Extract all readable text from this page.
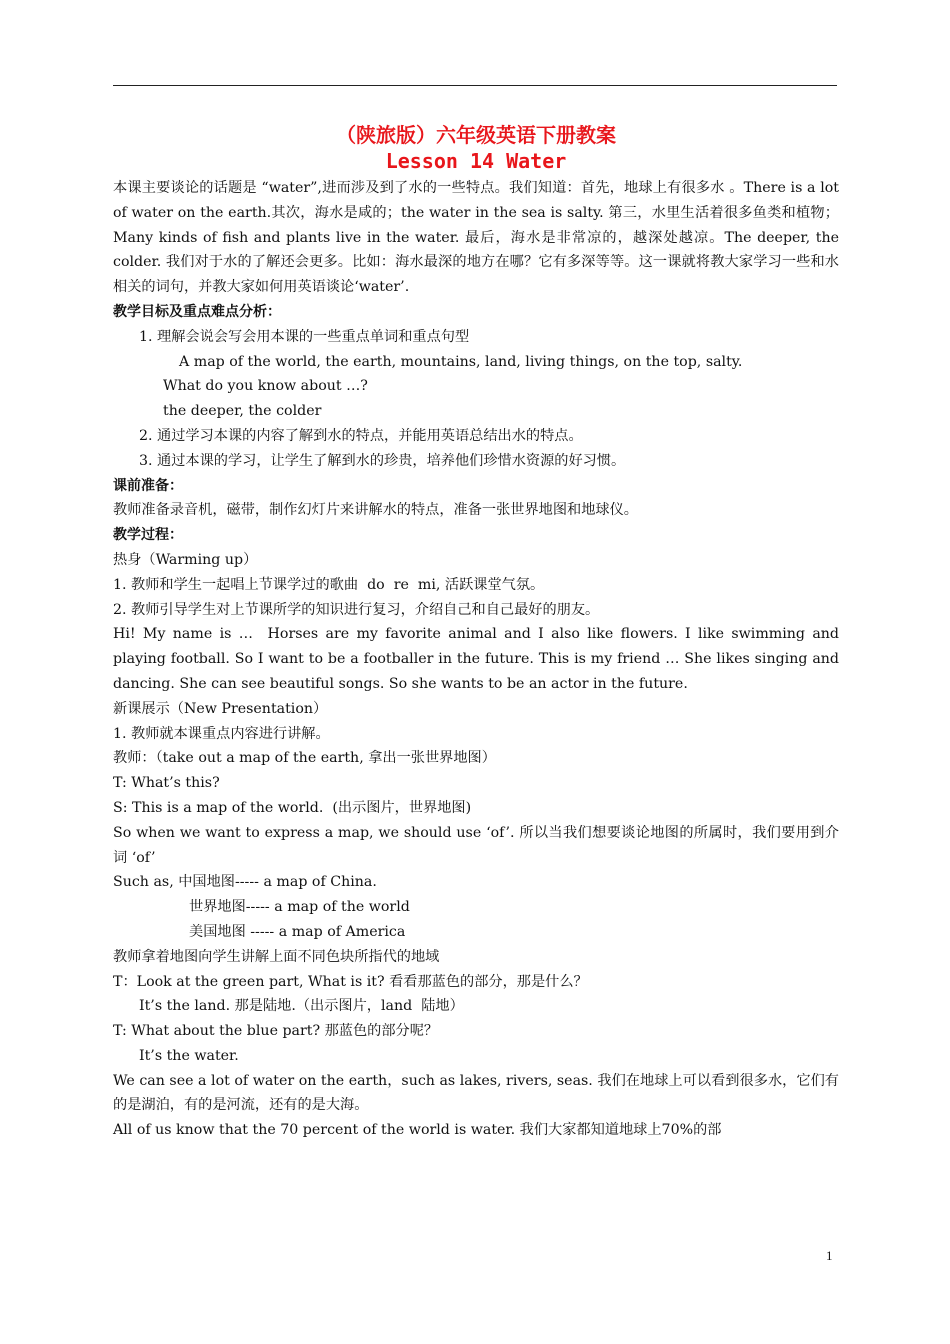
（陕旅版）六年级英语下册教案
Lesson 14 Water
本课主要谈论的话题是 “water”,进而涉及到了水的一些特点。我们知道：首先，地球上有很多水 。There is a lot of water on the earth.其次，海水是咸的；the water in the sea is salty. 第三，水里生活着很多鱼类和植物；Many kinds of fish and plants live in the water. 最后，海水是非常凉的，越深处越凉。The deeper, the colder. 我们对于水的了解还会更多。比如：海水最深的地方在哪？它有多深等等。这一课就将教大家学习一些和水相关的词句，并教大家如何用英语谈论‘water’.
教学目标及重点难点分析：
1. 理解会说会写会用本课的一些重点单词和重点句型
A map of the world, the earth, mountains, land, living things, on the top, salty.
What do you know about …?
the deeper, the colder
2. 通过学习本课的内容了解到水的特点，并能用英语总结出水的特点。
3. 通过本课的学习，让学生了解到水的珍贵，培养他们珍惜水资源的好习惯。
课前准备：
教师准备录音机，磁带，制作幻灯片来讲解水的特点，准备一张世界地图和地球仪。
教学过程：
热身（Warming up）
1. 教师和学生一起唱上节课学过的歌曲  do  re  mi, 活跃课堂气氛。
2. 教师引导学生对上节课所学的知识进行复习，介绍自己和自己最好的朋友。
Hi! My name is …  Horses are my favorite animal and I also like flowers. I like swimming and playing football. So I want to be a footballer in the future. This is my friend … She likes singing and dancing. She can see beautiful songs. So she wants to be an actor in the future.
新课展示（New Presentation）
1. 教师就本课重点内容进行讲解。
教师：（take out a map of the earth, 拿出一张世界地图）
T: What’s this?
S: This is a map of the world.  (出示图片，世界地图)
So when we want to express a map, we should use ‘of’. 所以当我们想要谈论地图的所属时，我们要用到介词 ‘of’
Such as, 中国地图----- a map of China.
世界地图----- a map of the world
美国地图 ----- a map of America
教师拿着地图向学生讲解上面不同色块所指代的地域
T：Look at the green part, What is it? 看看那蓝色的部分，那是什么？
It’s the land. 那是陆地.（出示图片，land  陆地）
T: What about the blue part? 那蓝色的部分呢？
It’s the water.
We can see a lot of water on the earth，such as lakes, rivers, seas. 我们在地球上可以看到很多水，它们有的是湖泊，有的是河流，还有的是大海。
All of us know that the 70 percent of the world is water. 我们大家都知道地球上70%的部
1
